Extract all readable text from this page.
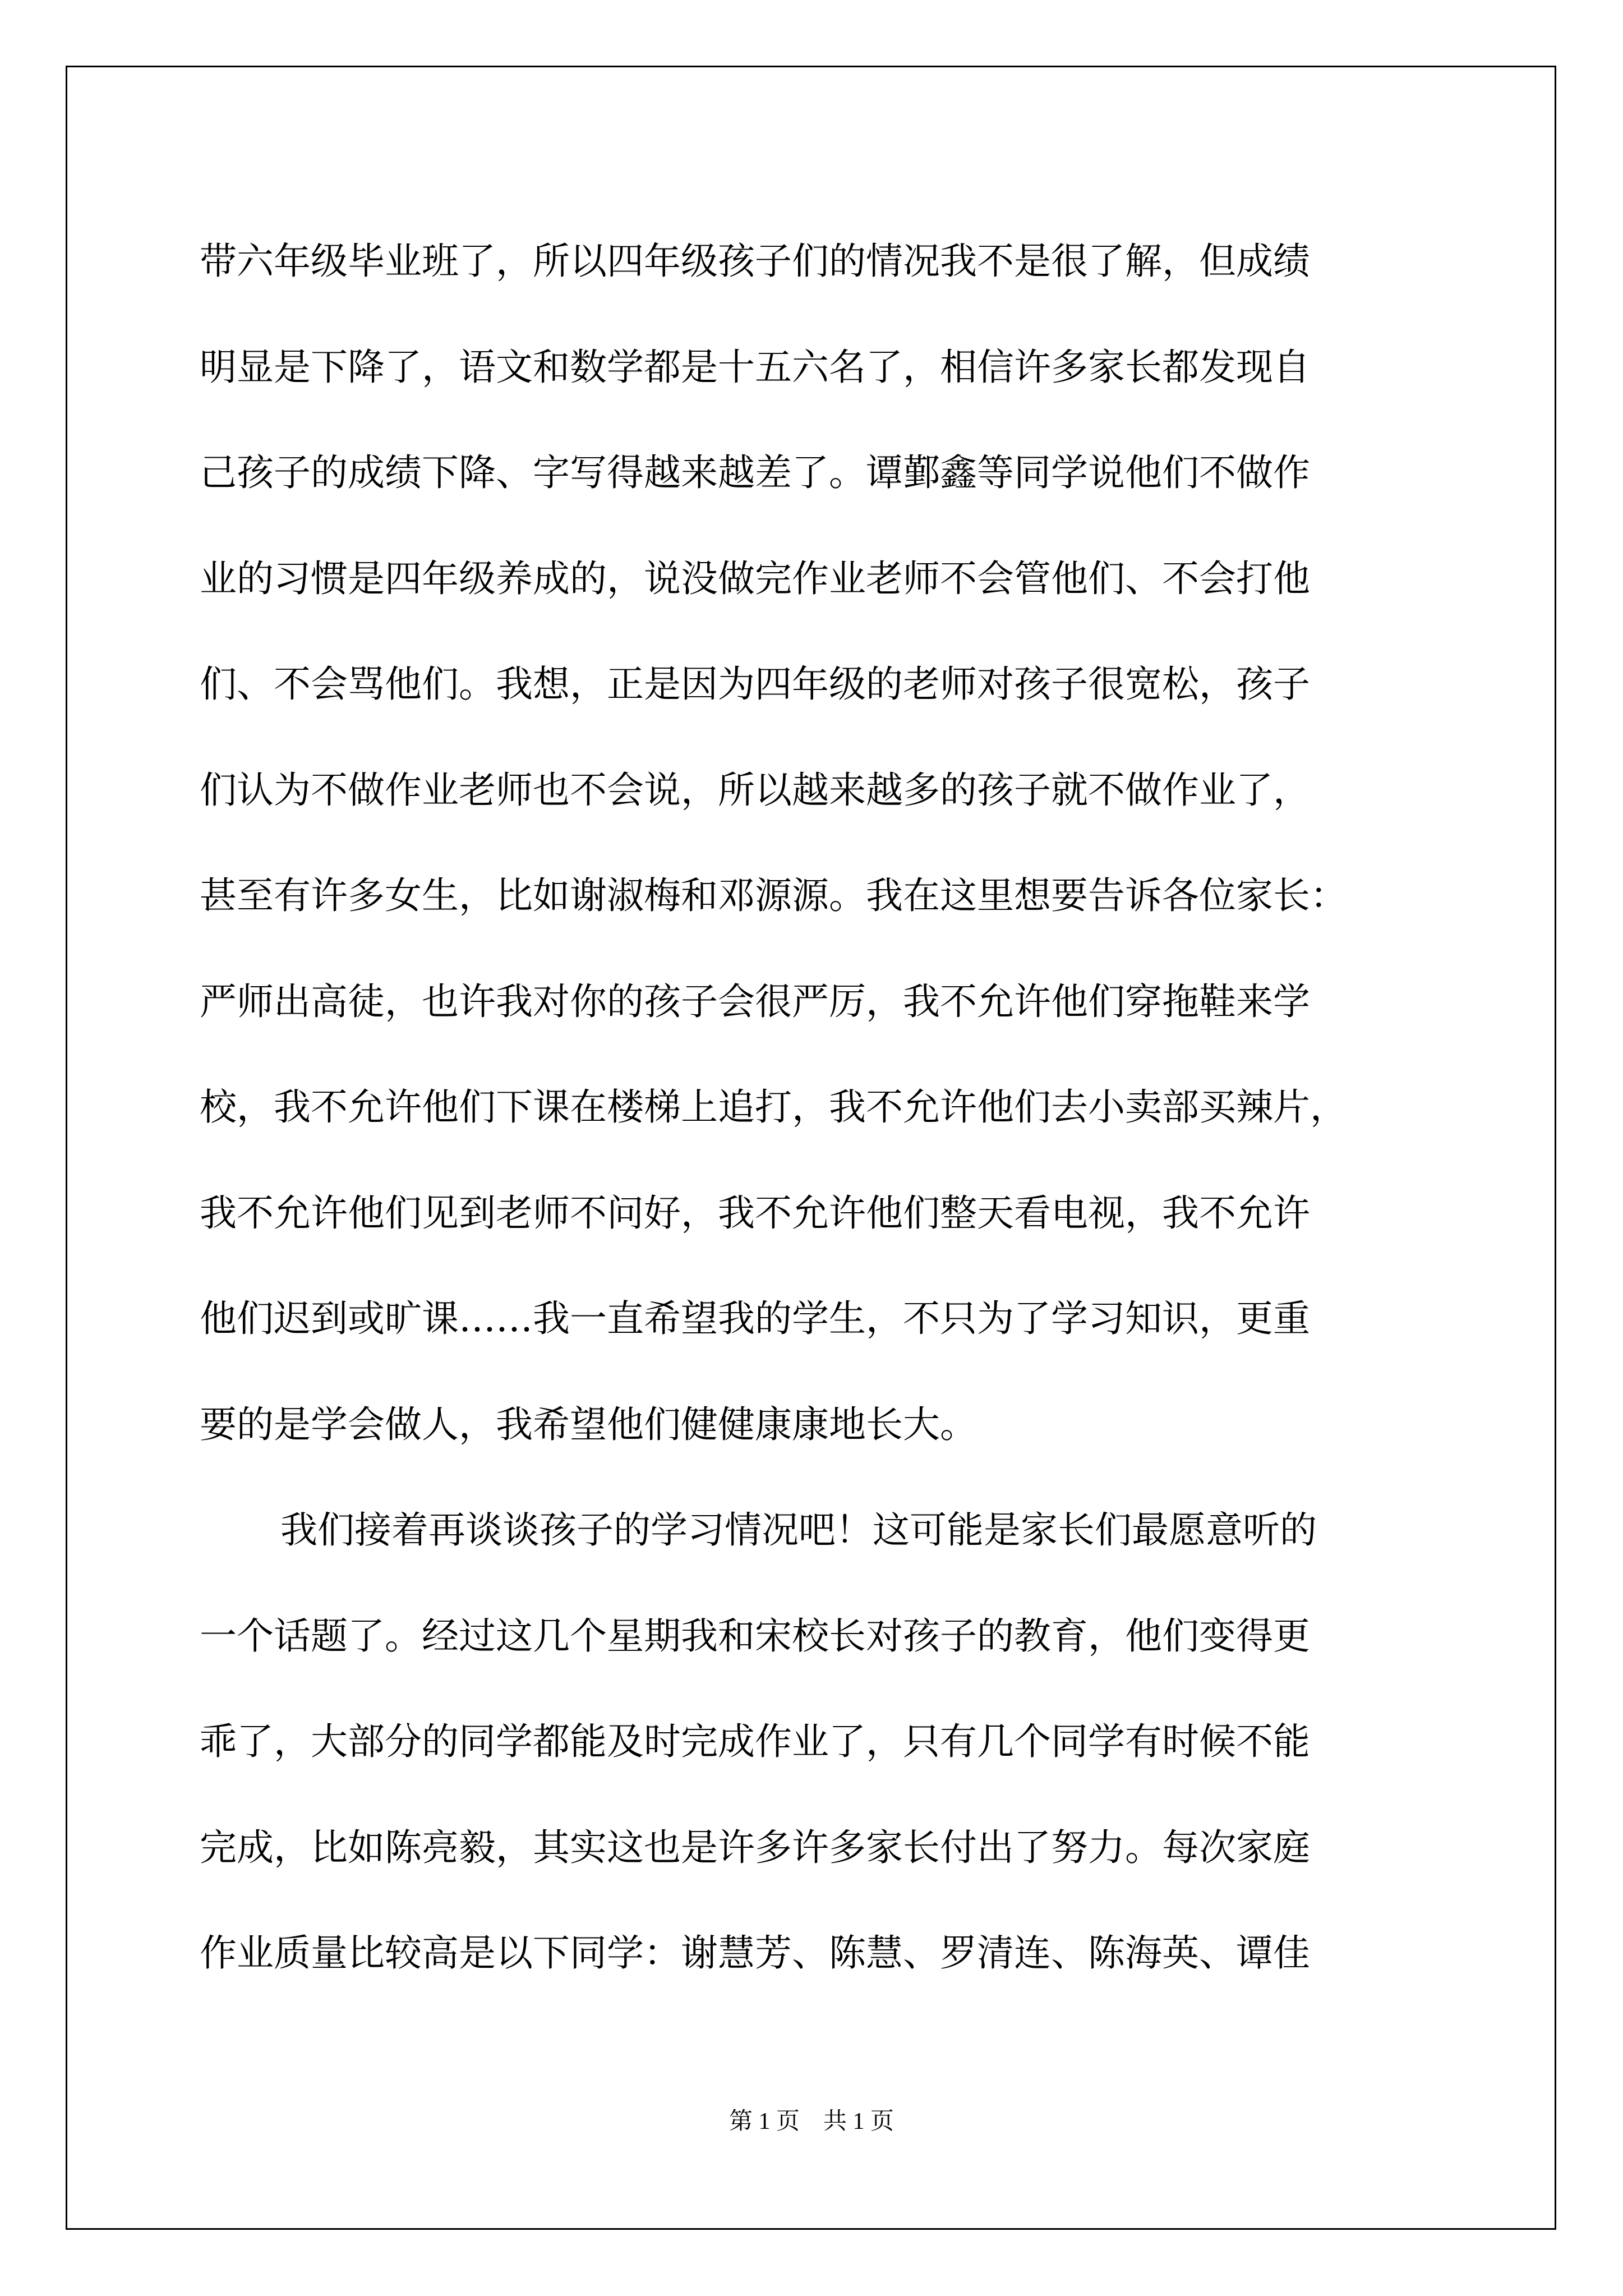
带六年级毕业班了，所以四年级孩子们的情况我不是很了解，但成绩
明显是下降了，语文和数学都是十五六名了，相信许多家长都发现自
己孩子的成绩下降、字写得越来越差了。谭鄞鑫等同学说他们不做作
业的习惯是四年级养成的，说没做完作业老师不会管他们、不会打他
们、不会骂他们。我想，正是因为四年级的老师对孩子很宽松，孩子
们认为不做作业老师也不会说，所以越来越多的孩子就不做作业了，
甚至有许多女生，比如谢淑梅和邓源源。我在这里想要告诉各位家长：
严师出高徒，也许我对你的孩子会很严厉，我不允许他们穿拖鞋来学
校，我不允许他们下课在楼梯上追打，我不允许他们去小卖部买辣片，
我不允许他们见到老师不问好，我不允许他们整天看电视，我不允许
他们迟到或旷课……我一直希望我的学生，不只为了学习知识，更重
要的是学会做人，我希望他们健健康康地长大。

我们接着再谈谈孩子的学习情况吧！这可能是家长们最愿意听的
一个话题了。经过这几个星期我和宋校长对孩子的教育，他们变得更
乖了，大部分的同学都能及时完成作业了，只有几个同学有时候不能
完成，比如陈亮毅，其实这也是许多许多家长付出了努力。每次家庭
作业质量比较高是以下同学：谢慧芳、陈慧、罗清连、陈海英、谭佳

第 1 页    共 1 页
